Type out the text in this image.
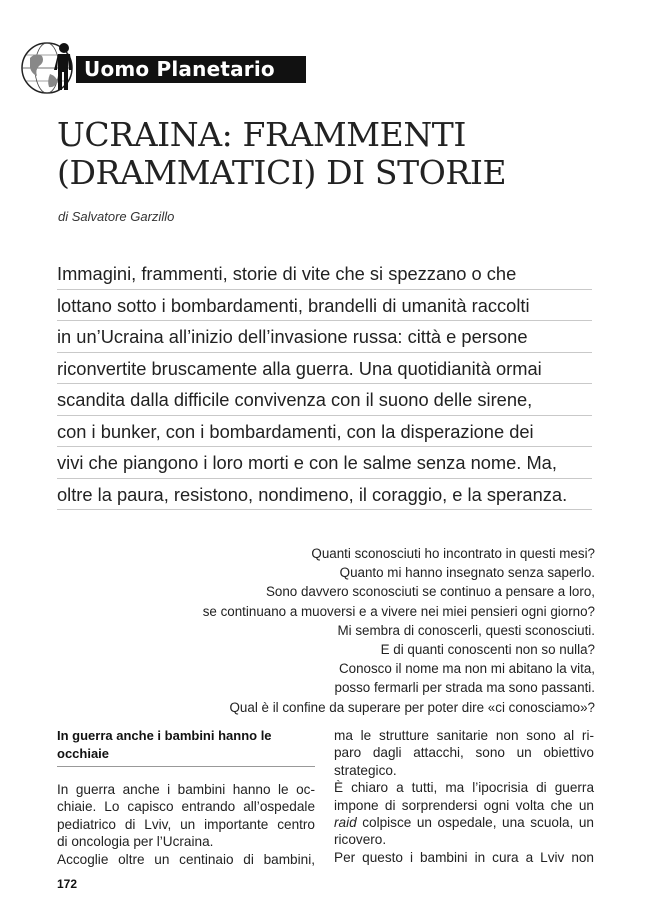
Uomo Planetario
UCRAINA: FRAMMENTI
(DRAMMATICI) DI STORIE
di Salvatore Garzillo
Immagini, frammenti, storie di vite che si spezzano o che
lottano sotto i bombardamenti, brandelli di umanità raccolti
in un’Ucraina all’inizio dell’invasione russa: città e persone
riconvertite bruscamente alla guerra. Una quotidianità ormai
scandita dalla difficile convivenza con il suono delle sirene,
con i bunker, con i bombardamenti, con la disperazione dei
vivi che piangono i loro morti e con le salme senza nome. Ma,
oltre la paura, resistono, nondimeno, il coraggio, e la speranza.
Quanti sconosciuti ho incontrato in questi mesi?
Quanto mi hanno insegnato senza saperlo.
Sono davvero sconosciuti se continuo a pensare a loro,
se continuano a muoversi e a vivere nei miei pensieri ogni giorno?
Mi sembra di conoscerli, questi sconosciuti.
E di quanti conoscenti non so nulla?
Conosco il nome ma non mi abitano la vita,
posso fermarli per strada ma sono passanti.
Qual è il confine da superare per poter dire «ci conosciamo»?
In guerra anche i bambini hanno le occhiaie
In guerra anche i bambini hanno le oc-
chiaie. Lo capisco entrando all’ospedale
pediatrico di Lviv, un importante centro
di oncologia per l’Ucraina.
Accoglie oltre un centinaio di bambini,
ma le strutture sanitarie non sono al ri-
paro dagli attacchi, sono un obiettivo
strategico.
È chiaro a tutti, ma l’ipocrisia di guerra
impone di sorprendersi ogni volta che un
raid colpisce un ospedale, una scuola, un
ricovero.
Per questo i bambini in cura a Lviv non
172
